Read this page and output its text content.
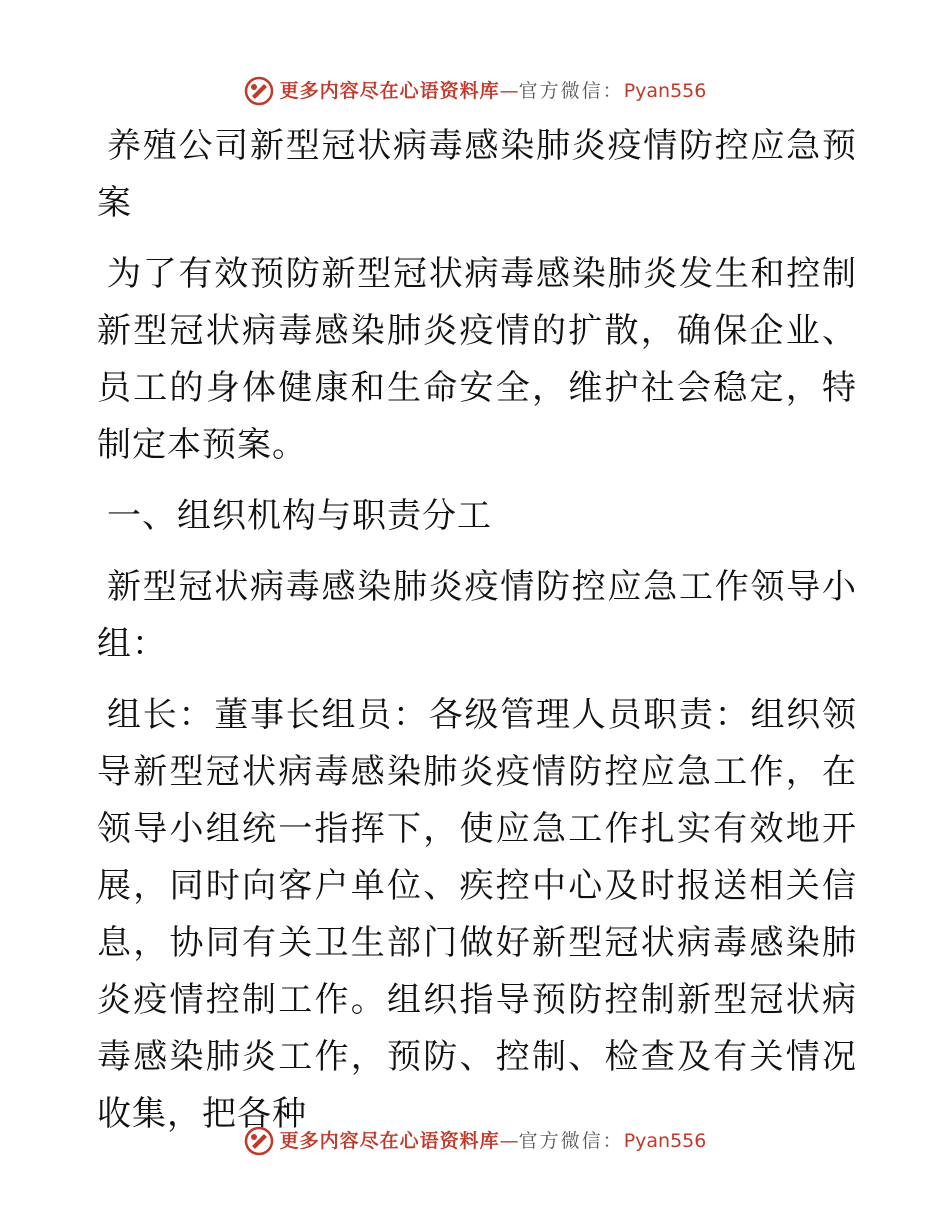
更多内容尽在心语资料库 — 官方微信： Pyan556

养殖公司新型冠状病毒感染肺炎疫情防控应急预案

为了有效预防新型冠状病毒感染肺炎发生和控制新型冠状病毒感染肺炎疫情的扩散，确保企业、员工的身体健康和生命安全，维护社会稳定，特制定本预案。

一、组织机构与职责分工

新型冠状病毒感染肺炎疫情防控应急工作领导小组：

组长：董事长组员：各级管理人员职责：组织领导新型冠状病毒感染肺炎疫情防控应急工作，在领导小组统一指挥下，使应急工作扎实有效地开展，同时向客户单位、疾控中心及时报送相关信息，协同有关卫生部门做好新型冠状病毒感染肺炎疫情控制工作。组织指导预防控制新型冠状病毒感染肺炎工作，预防、控制、检查及有关情况收集，把各种

更多内容尽在心语资料库 — 官方微信： Pyan556
